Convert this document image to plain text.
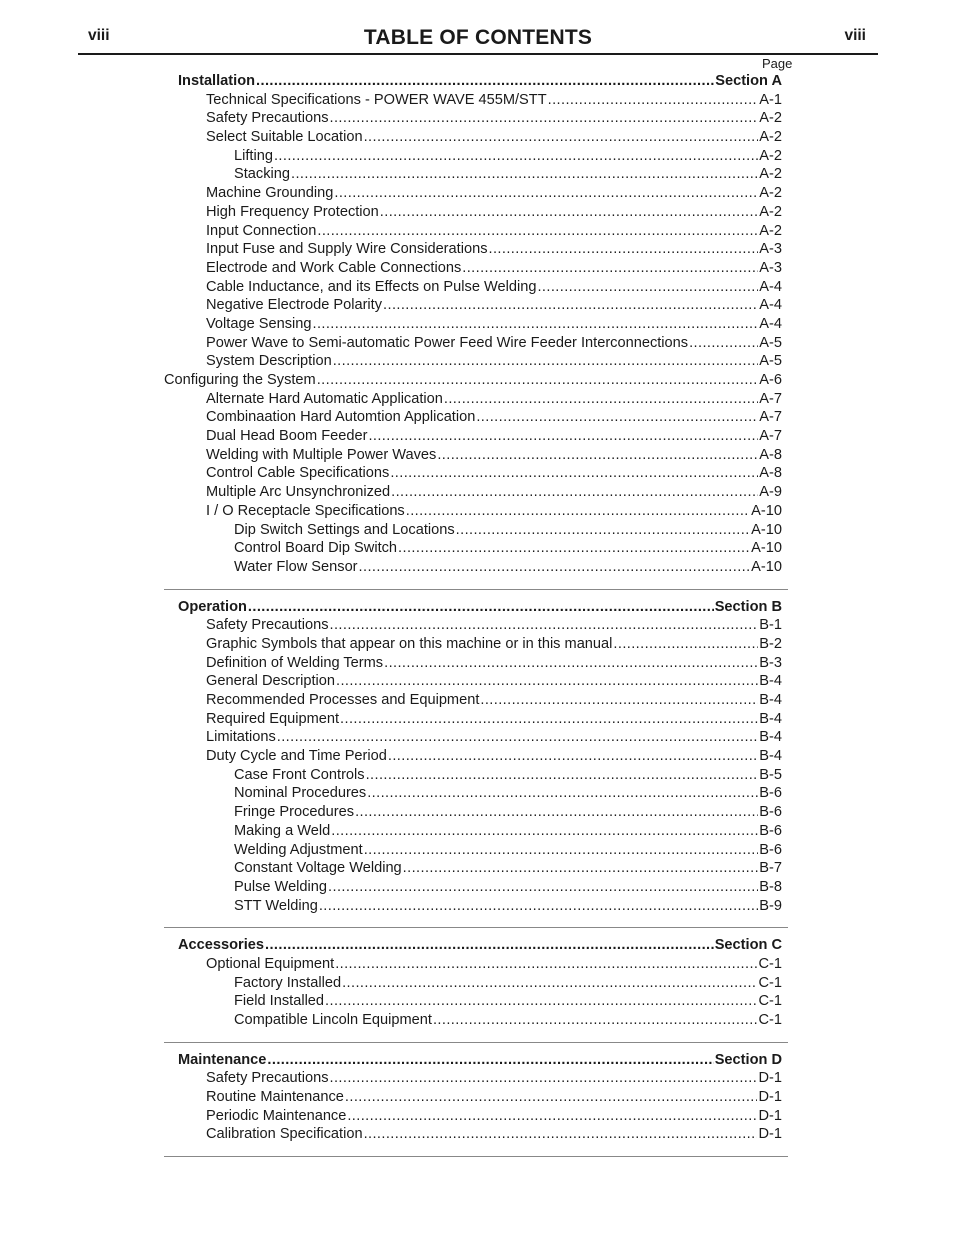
viii	TABLE OF CONTENTS	viii
Page
Installation .....	Section A
Technical Specifications - POWER WAVE 455M/STT .....	A-1
Safety Precautions .....	A-2
Select Suitable Location .....	A-2
Lifting .....	A-2
Stacking .....	A-2
Machine Grounding .....	A-2
High Frequency Protection .....	A-2
Input Connection .....	A-2
Input Fuse and Supply Wire Considerations .....	A-3
Electrode and Work Cable Connections .....	A-3
Cable Inductance, and its Effects on Pulse Welding .....	A-4
Negative Electrode Polarity .....	A-4
Voltage Sensing .....	A-4
Power Wave to Semi-automatic Power Feed Wire Feeder Interconnections .....	A-5
System Description .....	A-5
Configuring the System .....	A-6
Alternate Hard Automatic Application .....	A-7
Combinaation Hard Automtion Application .....	A-7
Dual Head Boom Feeder .....	A-7
Welding with Multiple Power Waves .....	A-8
Control Cable Specifications .....	A-8
Multiple Arc Unsynchronized .....	A-9
I / O Receptacle Specifications .....	A-10
Dip Switch Settings and Locations .....	A-10
Control Board Dip Switch .....	A-10
Water Flow Sensor .....	A-10
Operation .....	Section B
Safety Precautions .....	B-1
Graphic Symbols that appear on this machine or in this manual .....	B-2
Definition of Welding Terms .....	B-3
General Description .....	B-4
Recommended Processes and Equipment .....	B-4
Required Equipment .....	B-4
Limitations .....	B-4
Duty Cycle and Time Period .....	B-4
Case Front Controls .....	B-5
Nominal Procedures .....	B-6
Fringe Procedures .....	B-6
Making a Weld .....	B-6
Welding Adjustment .....	B-6
Constant Voltage Welding .....	B-7
Pulse Welding .....	B-8
STT Welding .....	B-9
Accessories .....	Section C
Optional Equipment .....	C-1
Factory Installed .....	C-1
Field Installed .....	C-1
Compatible Lincoln Equipment .....	C-1
Maintenance .....	Section D
Safety Precautions .....	D-1
Routine Maintenance .....	D-1
Periodic Maintenance .....	D-1
Calibration Specification .....	D-1
